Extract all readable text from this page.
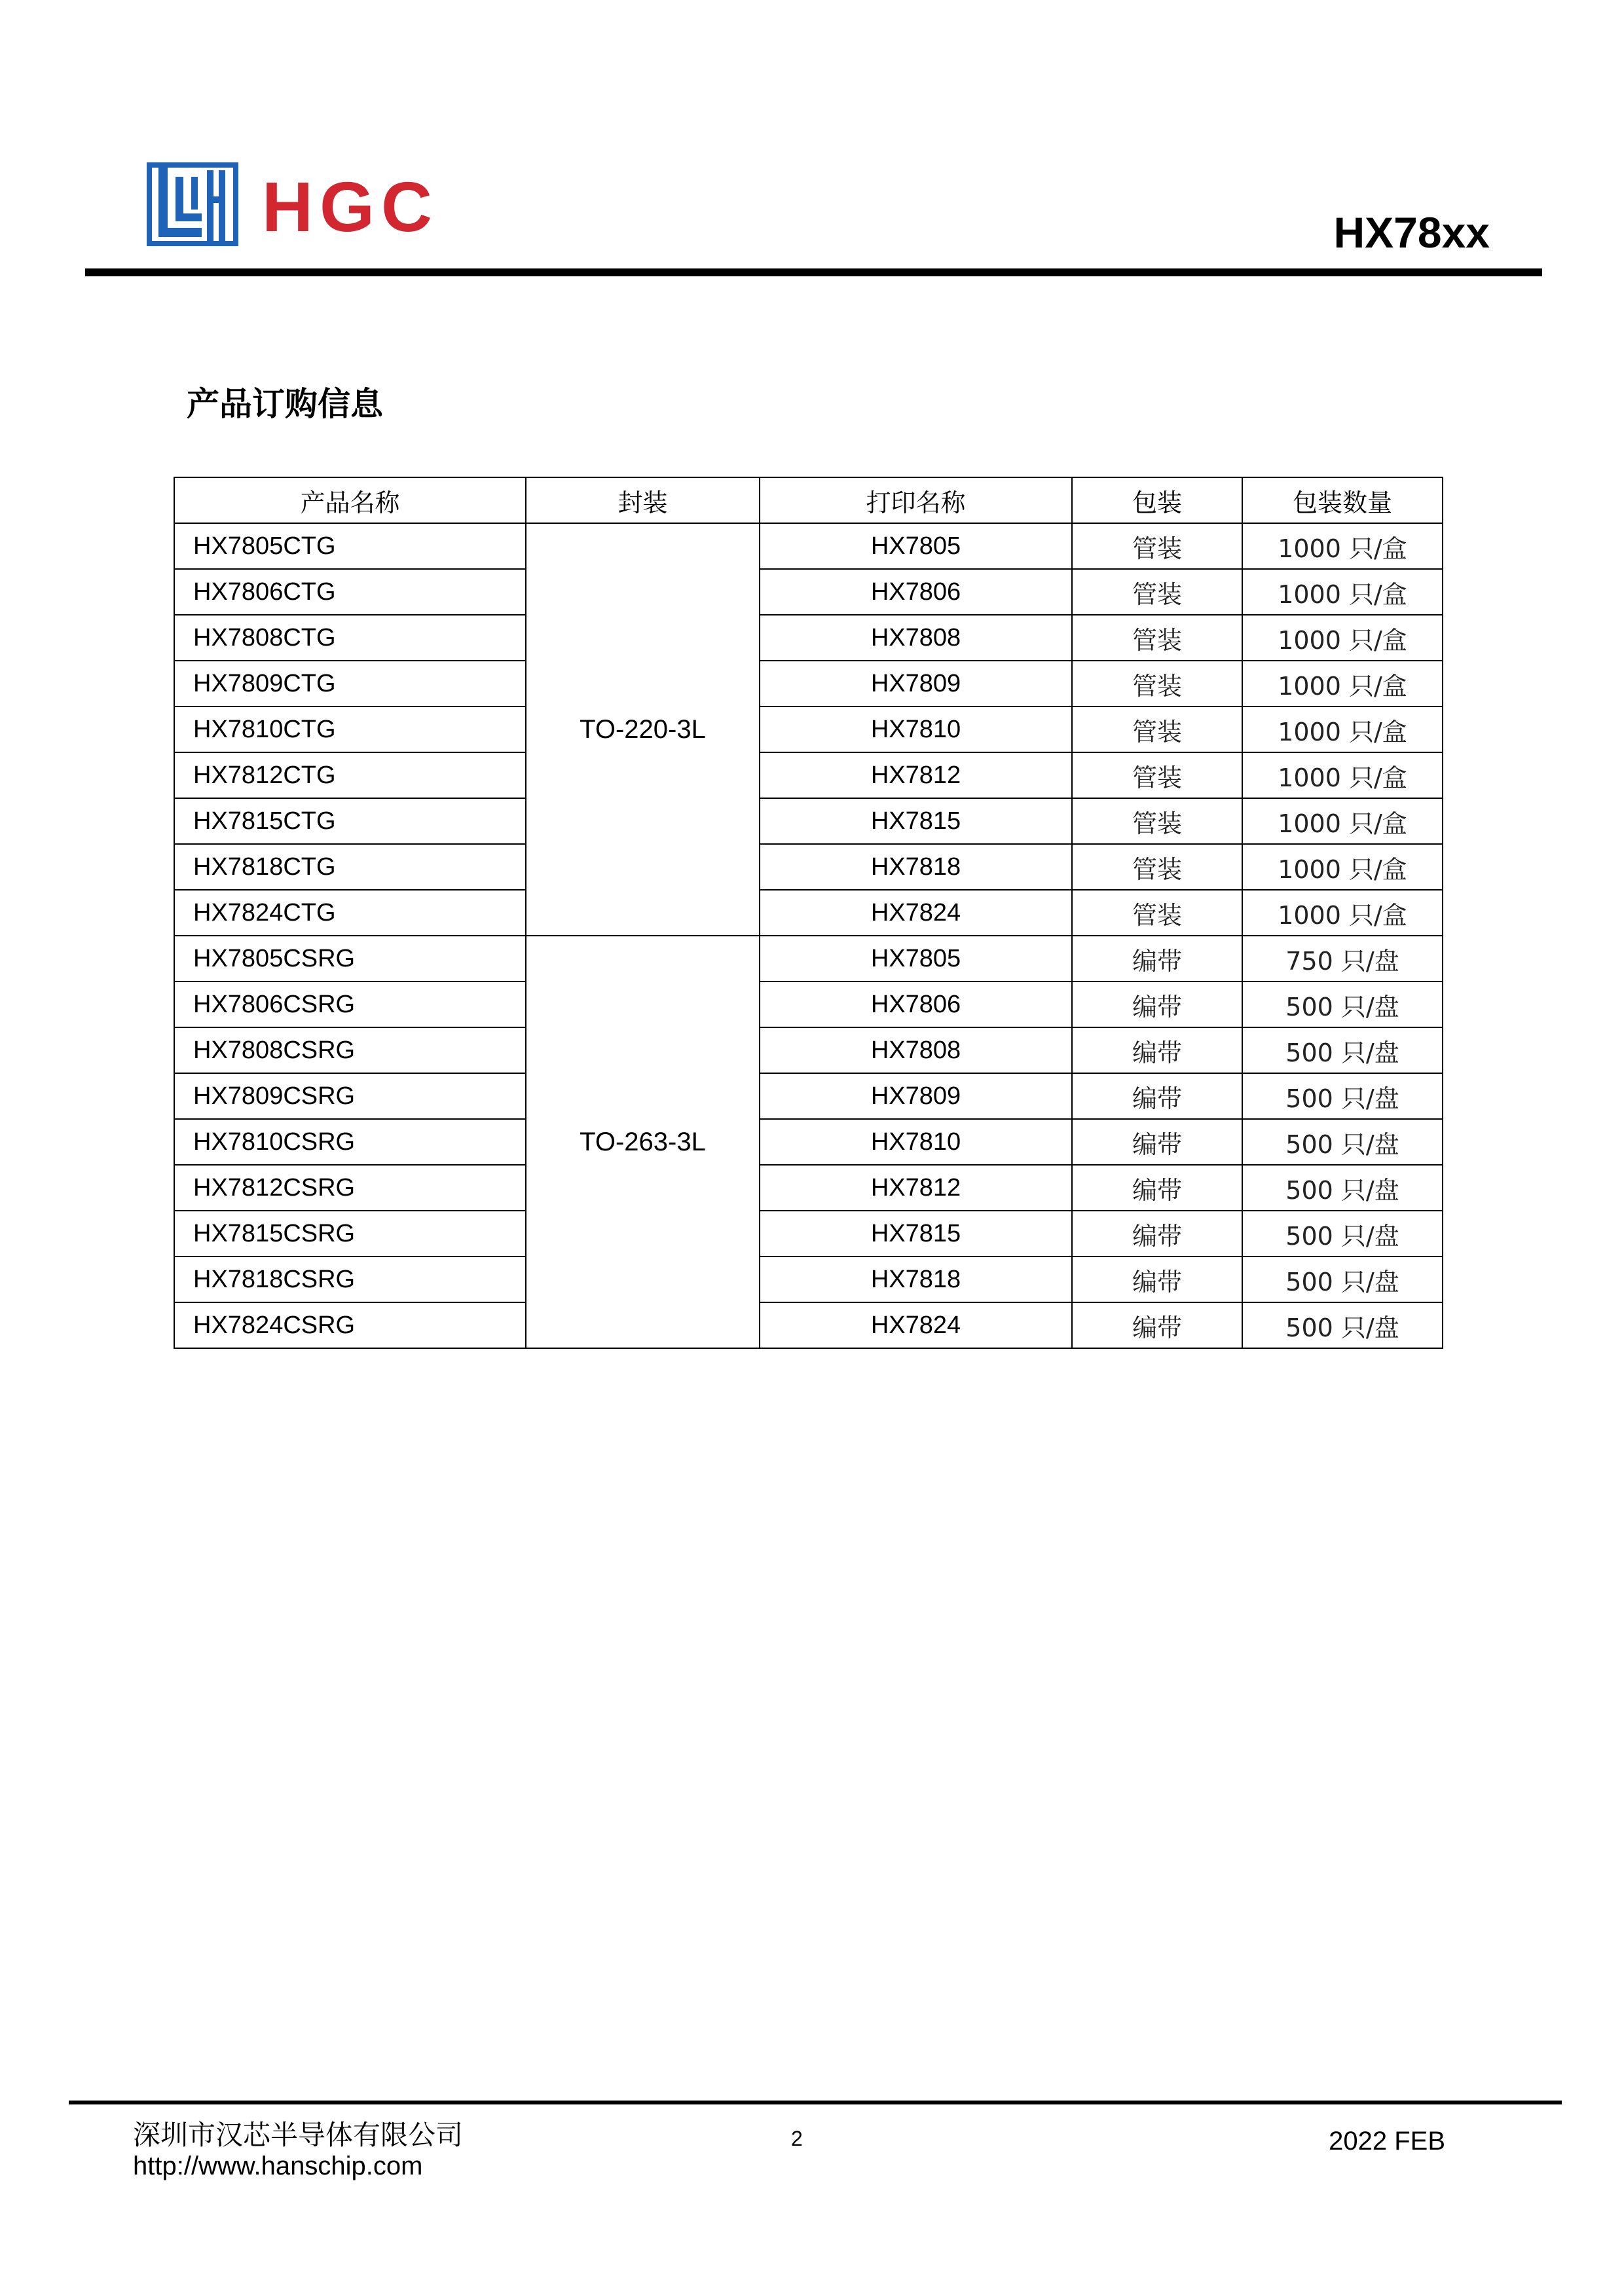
HGC	HX78xx
产品订购信息
产品名称	封装	打印名称	包装	包装数量
HX7805CTG	TO-220-3L	HX7805	管装	1000 只/盒
HX7806CTG		HX7806	管装	1000 只/盒
HX7808CTG		HX7808	管装	1000 只/盒
HX7809CTG		HX7809	管装	1000 只/盒
HX7810CTG		HX7810	管装	1000 只/盒
HX7812CTG		HX7812	管装	1000 只/盒
HX7815CTG		HX7815	管装	1000 只/盒
HX7818CTG		HX7818	管装	1000 只/盒
HX7824CTG		HX7824	管装	1000 只/盒
HX7805CSRG	TO-263-3L	HX7805	编带	750 只/盘
HX7806CSRG		HX7806	编带	500 只/盘
HX7808CSRG		HX7808	编带	500 只/盘
HX7809CSRG		HX7809	编带	500 只/盘
HX7810CSRG		HX7810	编带	500 只/盘
HX7812CSRG		HX7812	编带	500 只/盘
HX7815CSRG		HX7815	编带	500 只/盘
HX7818CSRG		HX7818	编带	500 只/盘
HX7824CSRG		HX7824	编带	500 只/盘
深圳市汉芯半导体有限公司
http://www.hanschip.com
2	2022 FEB
